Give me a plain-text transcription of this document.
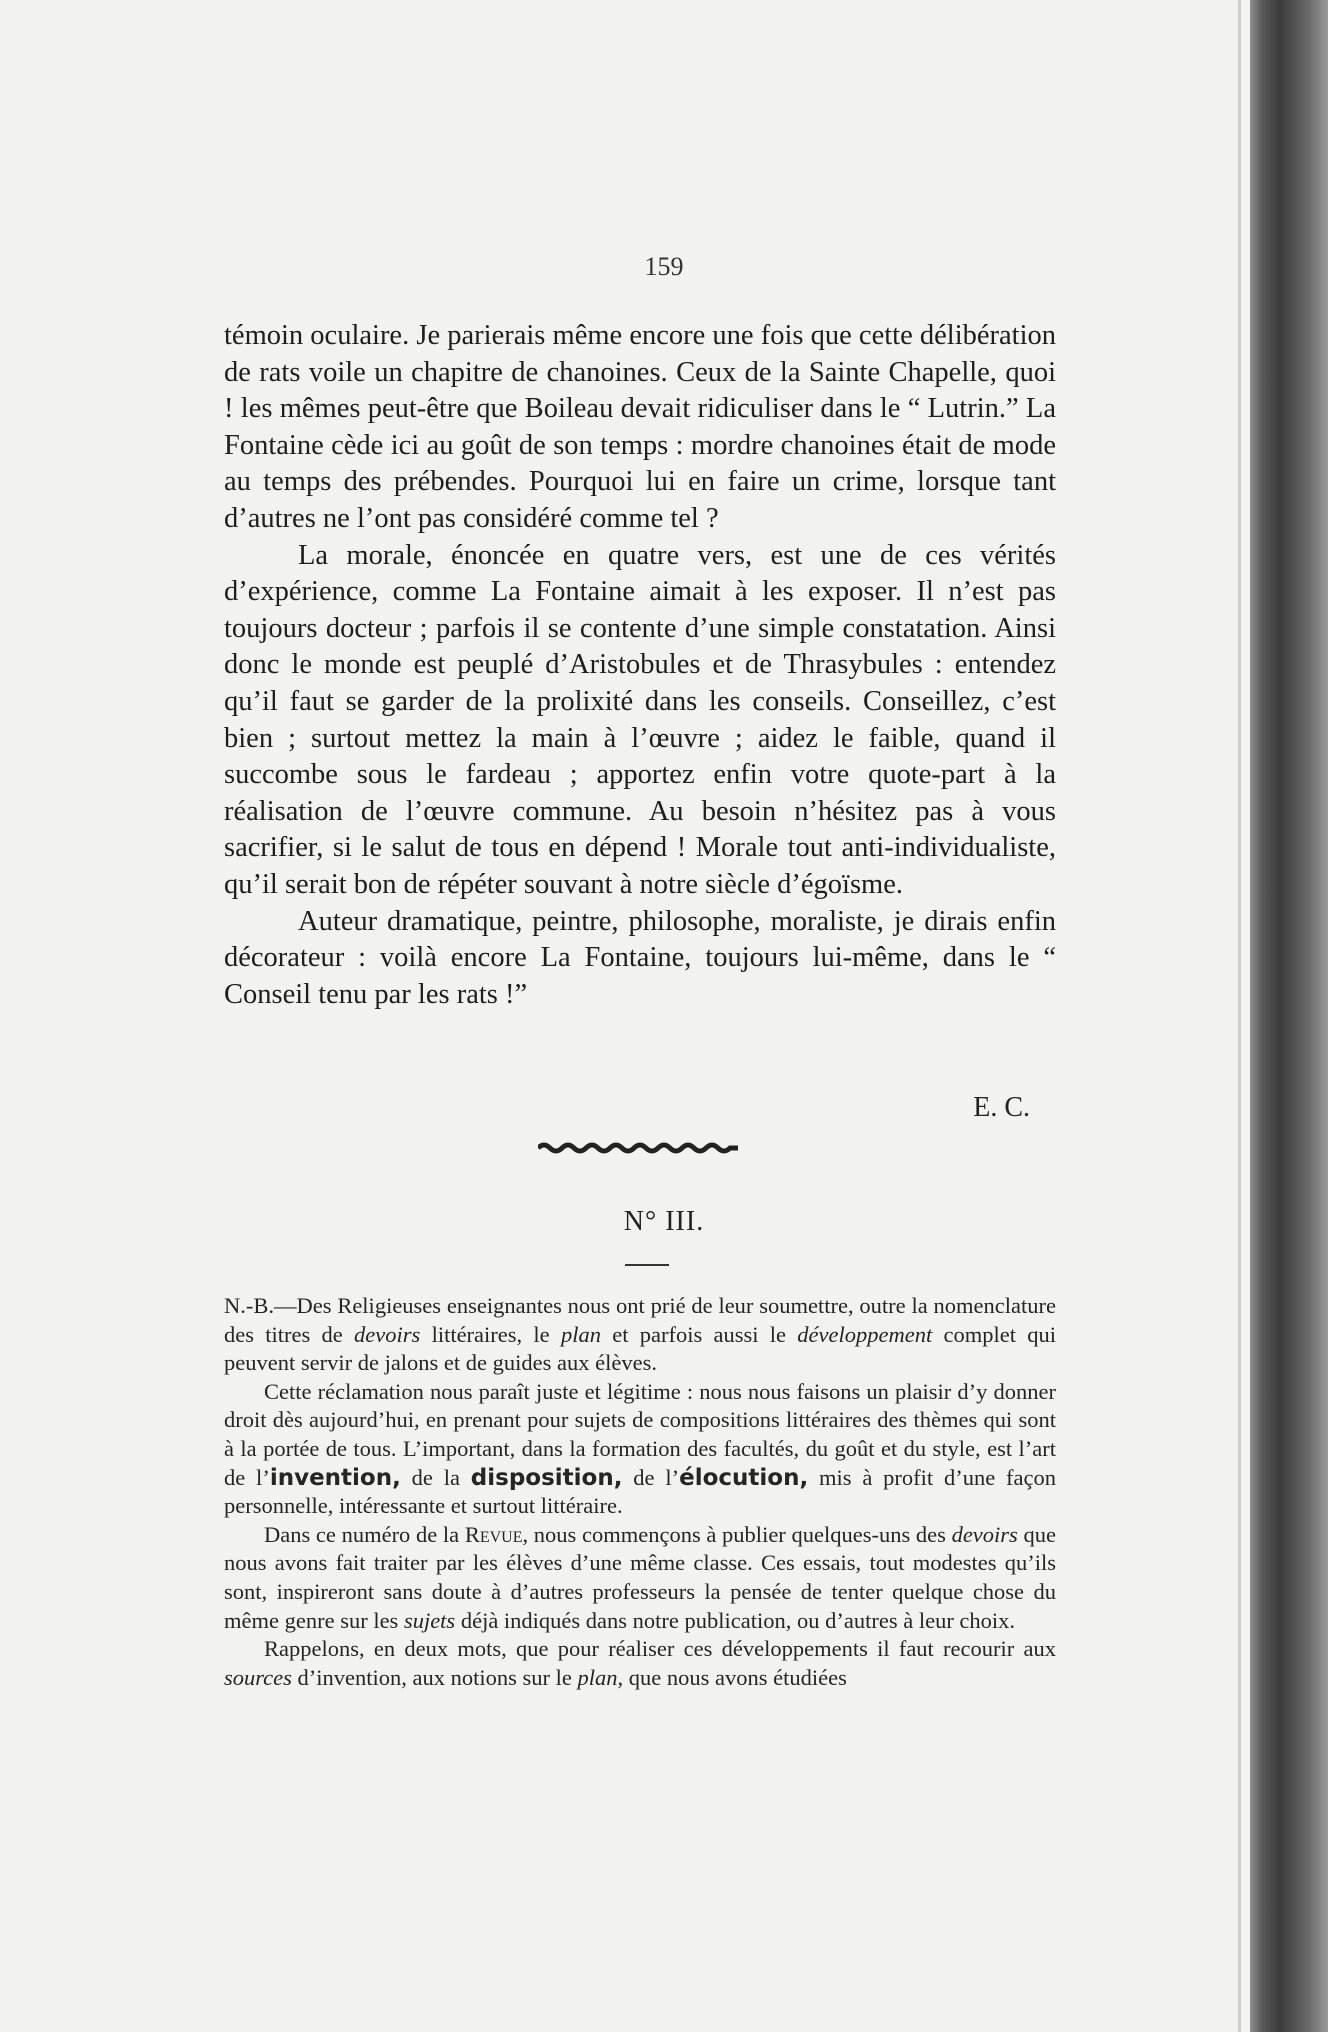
159

témoin oculaire. Je parierais même encore une fois que cette délibération de rats voile un chapitre de chanoines. Ceux de la Sainte Chapelle, quoi ! les mêmes peut-être que Boileau devait ridiculiser dans le “ Lutrin.” La Fontaine cède ici au goût de son temps : mordre chanoines était de mode au temps des prébendes. Pourquoi lui en faire un crime, lorsque tant d’autres ne l’ont pas considéré comme tel ?

La morale, énoncée en quatre vers, est une de ces vérités d’expérience, comme La Fontaine aimait à les exposer. Il n’est pas toujours docteur ; parfois il se contente d’une simple constatation. Ainsi donc le monde est peuplé d’Aristobules et de Thrasybules : entendez qu’il faut se garder de la prolixité dans les conseils. Conseillez, c’est bien ; surtout mettez la main à l’œuvre ; aidez le faible, quand il succombe sous le fardeau ; apportez enfin votre quote-part à la réalisation de l’œuvre commune. Au besoin n’hésitez pas à vous sacrifier, si le salut de tous en dépend ! Morale tout anti-individualiste, qu’il serait bon de répéter souvant à notre siècle d’égoïsme.

Auteur dramatique, peintre, philosophe, moraliste, je dirais enfin décorateur : voilà encore La Fontaine, toujours lui-même, dans le “ Conseil tenu par les rats !”

E. C.
N° III.

N.-B.—Des Religieuses enseignantes nous ont prié de leur soumettre, outre la nomenclature des titres de devoirs littéraires, le plan et parfois aussi le développement complet qui peuvent servir de jalons et de guides aux élèves.

Cette réclamation nous paraît juste et légitime : nous nous faisons un plaisir d’y donner droit dès aujourd’hui, en prenant pour sujets de compositions littéraires des thèmes qui sont à la portée de tous. L’important, dans la formation des facultés, du goût et du style, est l’art de l’invention, de la disposition, de l’élocution, mis à profit d’une façon personnelle, intéressante et surtout littéraire.

Dans ce numéro de la Revue, nous commençons à publier quelques-uns des devoirs que nous avons fait traiter par les élèves d’une même classe. Ces essais, tout modestes qu’ils sont, inspireront sans doute à d’autres professeurs la pensée de tenter quelque chose du même genre sur les sujets déjà indiqués dans notre publication, ou d’autres à leur choix.

Rappelons, en deux mots, que pour réaliser ces développements il faut recourir aux sources d’invention, aux notions sur le plan, que nous avons étudiées
